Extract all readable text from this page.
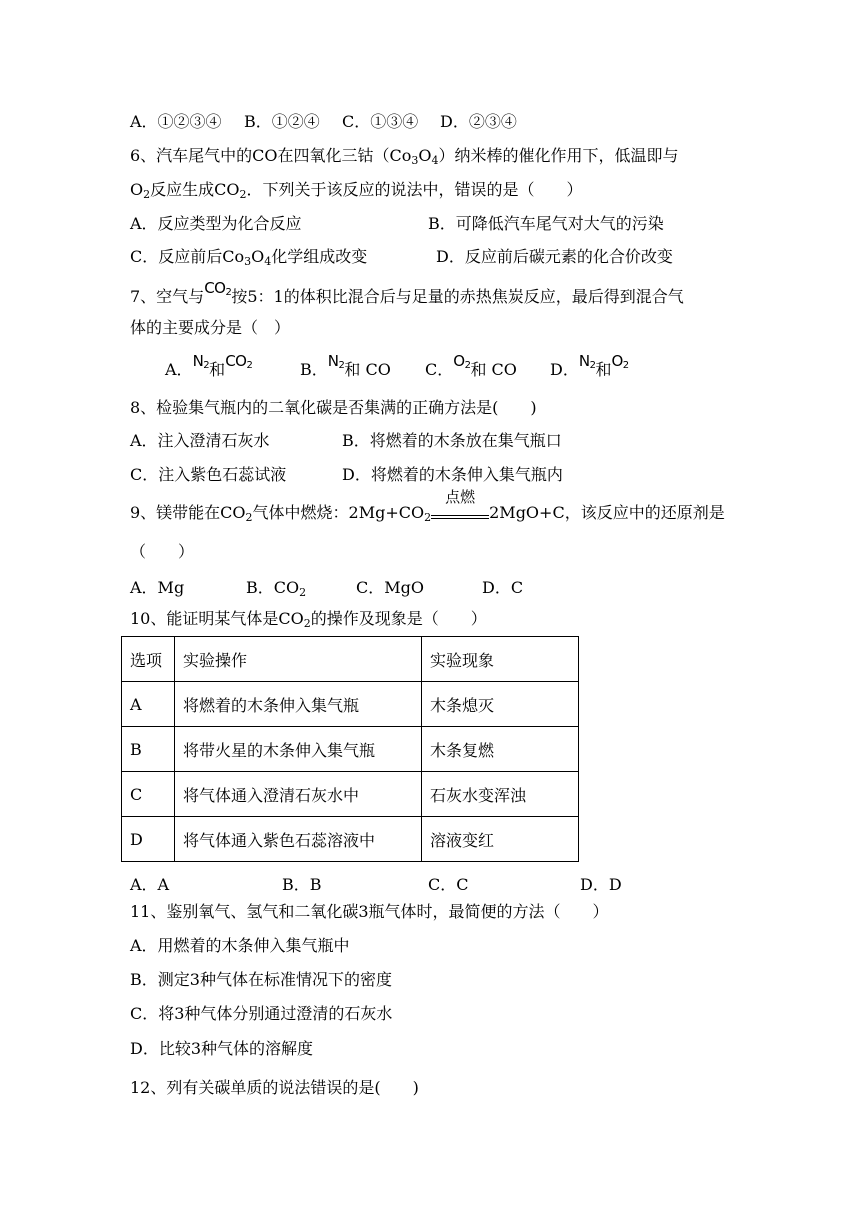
A．①②③④ B．①②④ C．①③④ D．②③④
6、汽车尾气中的CO在四氧化三钴$(Co_3O_4)$纳米棒的催化作用下，低温即与
$O_2$反应生成$CO_2$．下列关于该反应的说法中，错误的是（　　）
A．反应类型为化合反应	B．可降低汽车尾气对大气的污染
C．反应前后$Co_3O_4$化学组成改变	D．反应前后碳元素的化合价改变
7、空气与$CO_2$按5：1的体积比混合后与足量的赤热焦炭反应，最后得到混合气
体的主要成分是（　）
A．$N_2$和$CO_2$	B．$N_2$和 CO C．$O_2$和 CO D．$N_2$和$O_2$
8、检验集气瓶内的二氧化碳是否集满的正确方法是(　　)
A．注入澄清石灰水	B．将燃着的木条放在集气瓶口
C．注入紫色石蕊试液	D．将燃着的木条伸入集气瓶内
9、镁带能在$CO_2$气体中燃烧：$2Mg+CO_2$
点燃
2MgO+C，该反应中的还原剂是
（　　）
A．Mg	B．$CO_2$	C．MgO	D．C
10、能证明某气体是$CO_2$的操作及现象是（　　）
选项	实验操作	实验现象
A	将燃着的木条伸入集气瓶	木条熄灭
B	将带火星的木条伸入集气瓶	木条复燃
C	将气体通入澄清石灰水中	石灰水变浑浊
D	将气体通入紫色石蕊溶液中	溶液变红
A．A	B．B	C．C	D．D
11、鉴别氧气、氢气和二氧化碳3瓶气体时，最简便的方法（　　）
A．用燃着的木条伸入集气瓶中
B．测定3种气体在标准情况下的密度
C．将3种气体分别通过澄清的石灰水
D．比较3种气体的溶解度
12、列有关碳单质的说法错误的是(　　)
